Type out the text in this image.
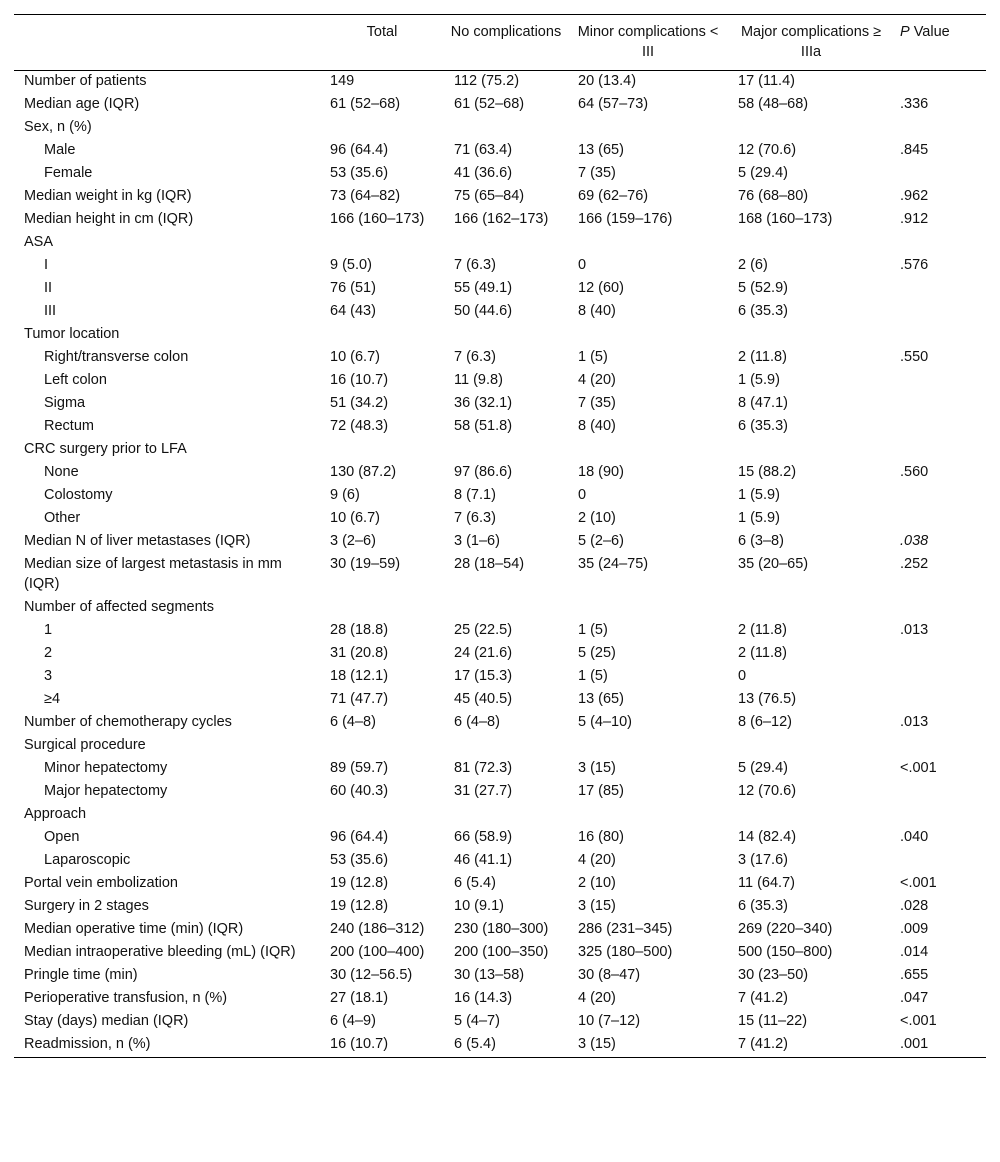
	Total	No complications	Minor complications < III	Major complications ≥ IIIa	P Value
Number of patients	149	112 (75.2)	20 (13.4)	17 (11.4)	
Median age (IQR)	61 (52–68)	61 (52–68)	64 (57–73)	58 (48–68)	.336
Sex, n (%)					
Male	96 (64.4)	71 (63.4)	13 (65)	12 (70.6)	.845
Female	53 (35.6)	41 (36.6)	7 (35)	5 (29.4)	
Median weight in kg (IQR)	73 (64–82)	75 (65–84)	69 (62–76)	76 (68–80)	.962
Median height in cm (IQR)	166 (160–173)	166 (162–173)	166 (159–176)	168 (160–173)	.912
ASA					
I	9 (5.0)	7 (6.3)	0	2 (6)	.576
II	76 (51)	55 (49.1)	12 (60)	5 (52.9)	
III	64 (43)	50 (44.6)	8 (40)	6 (35.3)	
Tumor location					
Right/transverse colon	10 (6.7)	7 (6.3)	1 (5)	2 (11.8)	.550
Left colon	16 (10.7)	11 (9.8)	4 (20)	1 (5.9)	
Sigma	51 (34.2)	36 (32.1)	7 (35)	8 (47.1)	
Rectum	72 (48.3)	58 (51.8)	8 (40)	6 (35.3)	
CRC surgery prior to LFA					
None	130 (87.2)	97 (86.6)	18 (90)	15 (88.2)	.560
Colostomy	9 (6)	8 (7.1)	0	1 (5.9)	
Other	10 (6.7)	7 (6.3)	2 (10)	1 (5.9)	
Median N of liver metastases (IQR)	3 (2–6)	3 (1–6)	5 (2–6)	6 (3–8)	.038
Median size of largest metastasis in mm (IQR)	30 (19–59)	28 (18–54)	35 (24–75)	35 (20–65)	.252
Number of affected segments					
1	28 (18.8)	25 (22.5)	1 (5)	2 (11.8)	.013
2	31 (20.8)	24 (21.6)	5 (25)	2 (11.8)	
3	18 (12.1)	17 (15.3)	1 (5)	0	
≥4	71 (47.7)	45 (40.5)	13 (65)	13 (76.5)	
Number of chemotherapy cycles	6 (4–8)	6 (4–8)	5 (4–10)	8 (6–12)	.013
Surgical procedure					
Minor hepatectomy	89 (59.7)	81 (72.3)	3 (15)	5 (29.4)	<.001
Major hepatectomy	60 (40.3)	31 (27.7)	17 (85)	12 (70.6)	
Approach					
Open	96 (64.4)	66 (58.9)	16 (80)	14 (82.4)	.040
Laparoscopic	53 (35.6)	46 (41.1)	4 (20)	3 (17.6)	
Portal vein embolization	19 (12.8)	6 (5.4)	2 (10)	11 (64.7)	<.001
Surgery in 2 stages	19 (12.8)	10 (9.1)	3 (15)	6 (35.3)	.028
Median operative time (min) (IQR)	240 (186–312)	230 (180–300)	286 (231–345)	269 (220–340)	.009
Median intraoperative bleeding (mL) (IQR)	200 (100–400)	200 (100–350)	325 (180–500)	500 (150–800)	.014
Pringle time (min)	30 (12–56.5)	30 (13–58)	30 (8–47)	30 (23–50)	.655
Perioperative transfusion, n (%)	27 (18.1)	16 (14.3)	4 (20)	7 (41.2)	.047
Stay (days) median (IQR)	6 (4–9)	5 (4–7)	10 (7–12)	15 (11–22)	<.001
Readmission, n (%)	16 (10.7)	6 (5.4)	3 (15)	7 (41.2)	.001
